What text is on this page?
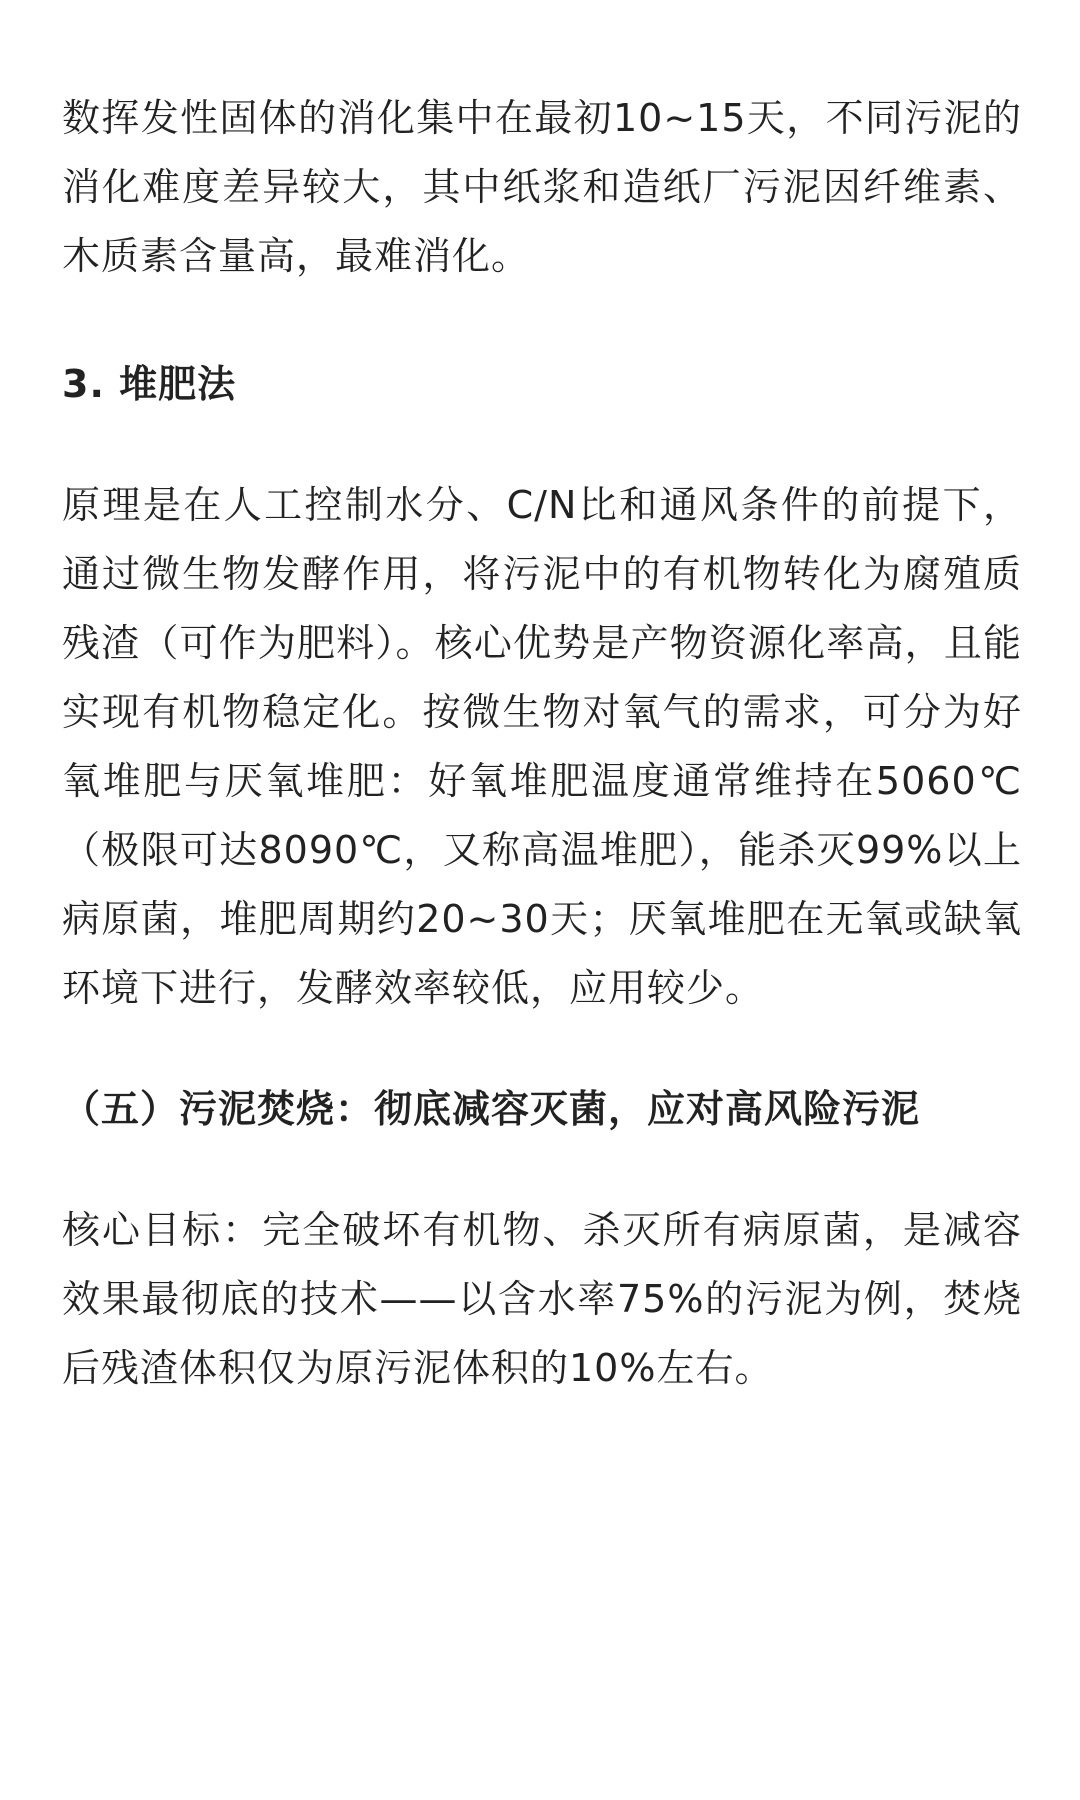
数挥发性固体的消化集中在最初10~15天，不同污泥的消化难度差异较大，其中纸浆和造纸厂污泥因纤维素、木质素含量高，最难消化。

3. 堆肥法

原理是在人工控制水分、C/N比和通风条件的前提下，通过微生物发酵作用，将污泥中的有机物转化为腐殖质残渣（可作为肥料）。核心优势是产物资源化率高，且能实现有机物稳定化。按微生物对氧气的需求，可分为好氧堆肥与厌氧堆肥：好氧堆肥温度通常维持在5060℃（极限可达8090℃，又称高温堆肥），能杀灭99%以上病原菌，堆肥周期约20~30天；厌氧堆肥在无氧或缺氧环境下进行，发酵效率较低，应用较少。

（五）污泥焚烧：彻底减容灭菌，应对高风险污泥

核心目标：完全破坏有机物、杀灭所有病原菌，是减容效果最彻底的技术——以含水率75%的污泥为例，焚烧后残渣体积仅为原污泥体积的10%左右。
